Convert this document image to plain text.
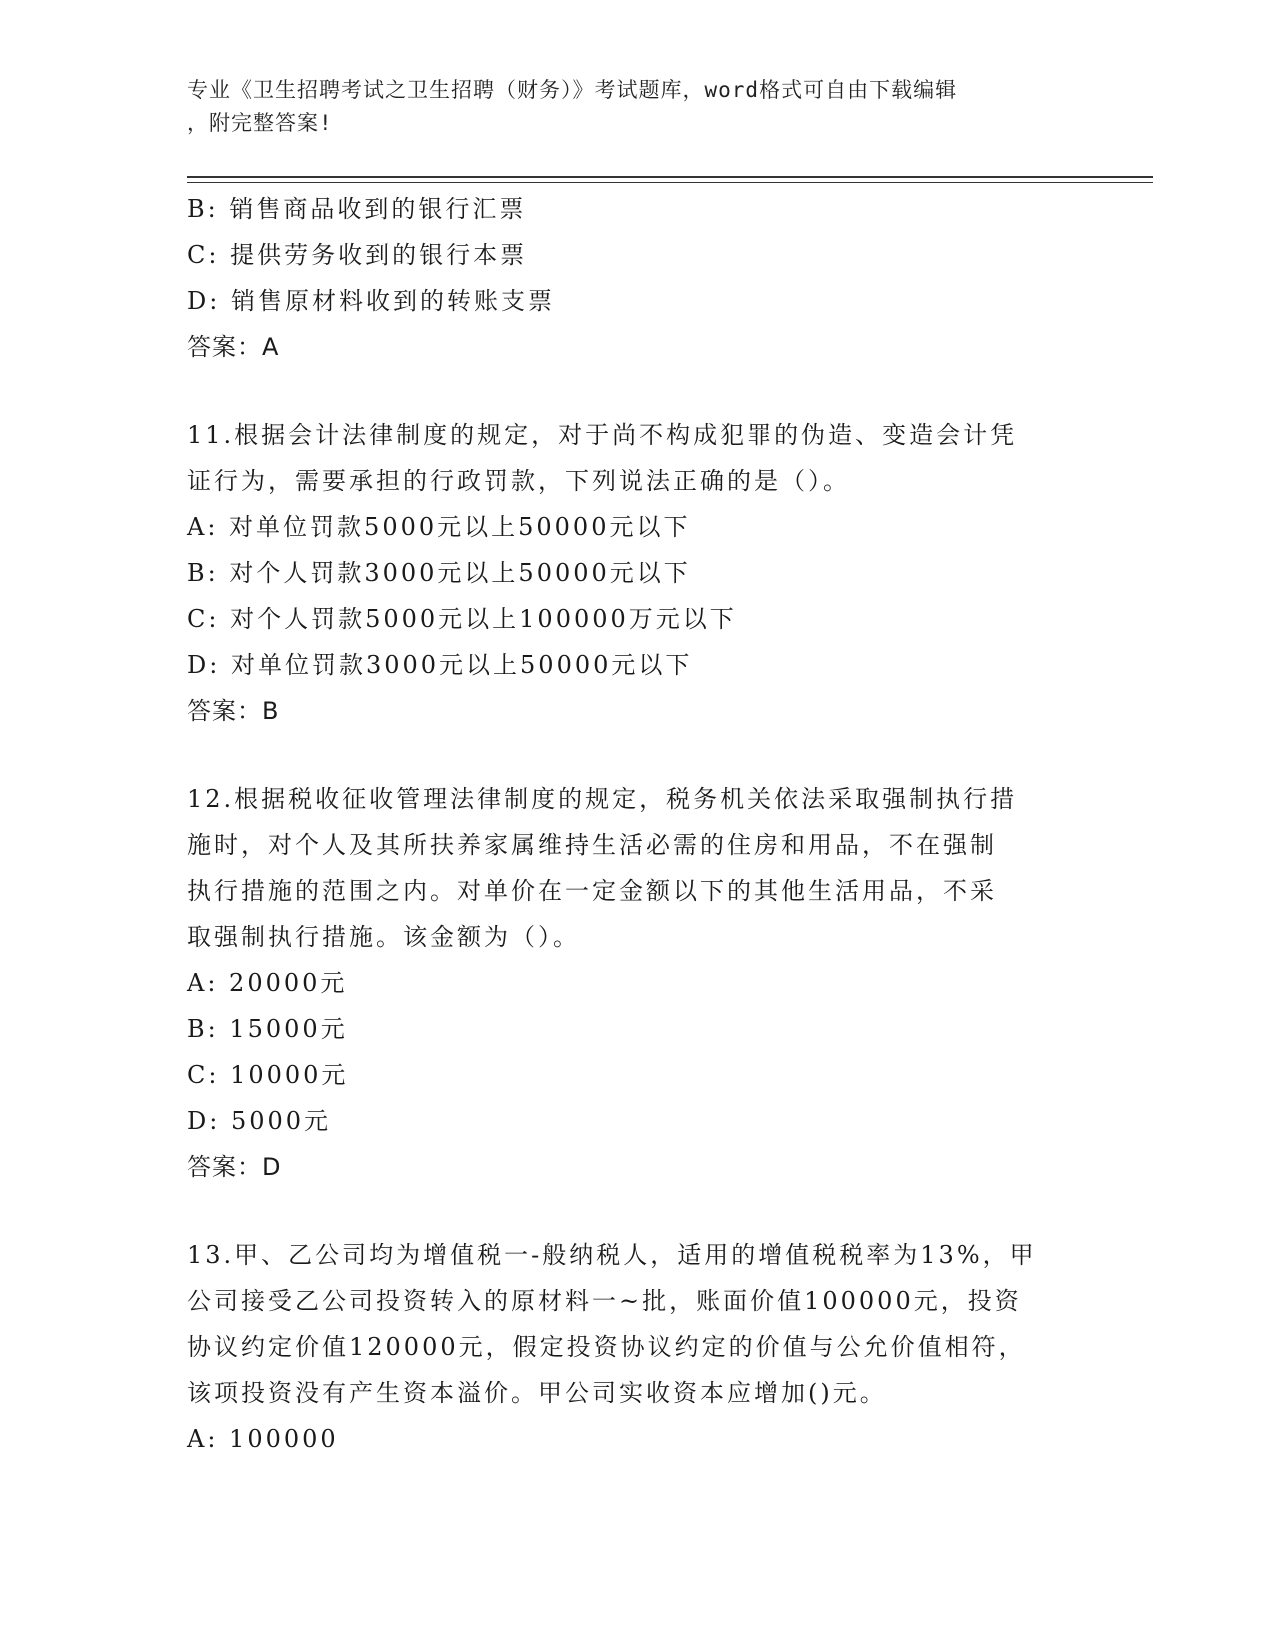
专业《卫生招聘考试之卫生招聘（财务）》考试题库，word格式可自由下载编辑
，附完整答案!
B: 销售商品收到的银行汇票
C: 提供劳务收到的银行本票
D: 销售原材料收到的转账支票
答案：A
11.根据会计法律制度的规定，对于尚不构成犯罪的伪造、变造会计凭
证行为，需要承担的行政罚款，下列说法正确的是（）。
A: 对单位罚款5000元以上50000元以下
B: 对个人罚款3000元以上50000元以下
C: 对个人罚款5000元以上100000万元以下
D: 对单位罚款3000元以上50000元以下
答案：B
12.根据税收征收管理法律制度的规定，税务机关依法采取强制执行措
施时，对个人及其所扶养家属维持生活必需的住房和用品，不在强制
执行措施的范围之内。对单价在一定金额以下的其他生活用品，不采
取强制执行措施。该金额为（）。
A: 20000元
B: 15000元
C: 10000元
D: 5000元
答案：D
13.甲、乙公司均为增值税一-般纳税人，适用的增值税税率为13%，甲
公司接受乙公司投资转入的原材料一~批，账面价值100000元，投资
协议约定价值120000元，假定投资协议约定的价值与公允价值相符，
该项投资没有产生资本溢价。甲公司实收资本应增加()元。
A: 100000
